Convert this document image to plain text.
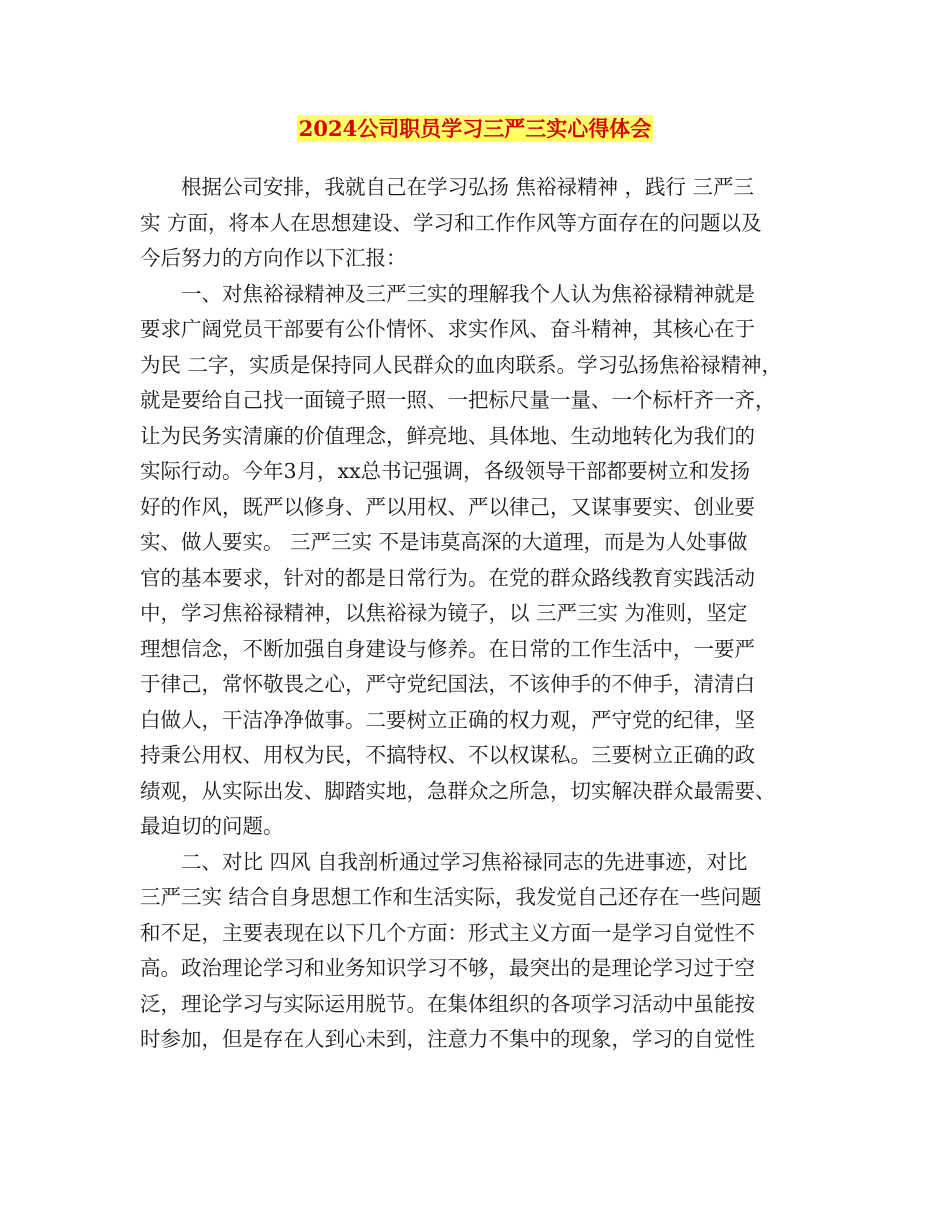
2024公司职员学习三严三实心得体会
根据公司安排，我就自己在学习弘扬 焦裕禄精神 ，践行 三严三
实 方面，将本人在思想建设、学习和工作作风等方面存在的问题以及
今后努力的方向作以下汇报：
一、对焦裕禄精神及三严三实的理解我个人认为焦裕禄精神就是
要求广阔党员干部要有公仆情怀、求实作风、奋斗精神，其核心在于
为民 二字，实质是保持同人民群众的血肉联系。学习弘扬焦裕禄精神，
就是要给自己找一面镜子照一照、一把标尺量一量、一个标杆齐一齐，
让为民务实清廉的价值理念，鲜亮地、具体地、生动地转化为我们的
实际行动。今年3月，xx总书记强调，各级领导干部都要树立和发扬
好的作风，既严以修身、严以用权、严以律己，又谋事要实、创业要
实、做人要实。 三严三实 不是讳莫高深的大道理，而是为人处事做
官的基本要求，针对的都是日常行为。在党的群众路线教育实践活动
中，学习焦裕禄精神，以焦裕禄为镜子，以 三严三实 为准则，坚定
理想信念，不断加强自身建设与修养。在日常的工作生活中，一要严
于律己，常怀敬畏之心，严守党纪国法，不该伸手的不伸手，清清白
白做人，干洁净净做事。二要树立正确的权力观，严守党的纪律，坚
持秉公用权、用权为民，不搞特权、不以权谋私。三要树立正确的政
绩观，从实际出发、脚踏实地，急群众之所急，切实解决群众最需要、
最迫切的问题。
二、对比 四风 自我剖析通过学习焦裕禄同志的先进事迹，对比
三严三实 结合自身思想工作和生活实际，我发觉自己还存在一些问题
和不足，主要表现在以下几个方面：形式主义方面一是学习自觉性不
高。政治理论学习和业务知识学习不够，最突出的是理论学习过于空
泛，理论学习与实际运用脱节。在集体组织的各项学习活动中虽能按
时参加，但是存在人到心未到，注意力不集中的现象，学习的自觉性
